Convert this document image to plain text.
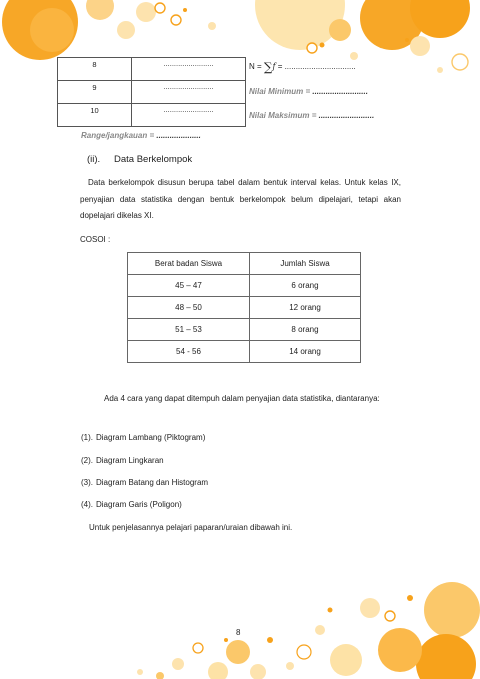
8	........................
9	........................
10	........................
N = ∑f = ................................
Nilai Minimum = .........................
Nilai Maksimum = .........................
Range/jangkauan = ....................
(ii). Data Berkelompok
Data berkelompok disusun berupa tabel dalam bentuk interval kelas. Untuk kelas IX, penyajian data statistika dengan bentuk berkelompok belum dipelajari, tetapi akan dopelajari dikelas XI.
COSOI :
Berat badan Siswa	Jumlah Siswa
45 – 47	6 orang
48 – 50	12 orang
51 – 53	8 orang
54 - 56	14 orang
Ada 4 cara yang dapat ditempuh dalam penyajian data statistika, diantaranya:
(1). Diagram Lambang (Piktogram)
(2). Diagram Lingkaran
(3). Diagram Batang dan Histogram
(4). Diagram Garis (Poligon)
Untuk penjelasannya pelajari paparan/uraian dibawah ini.
8
